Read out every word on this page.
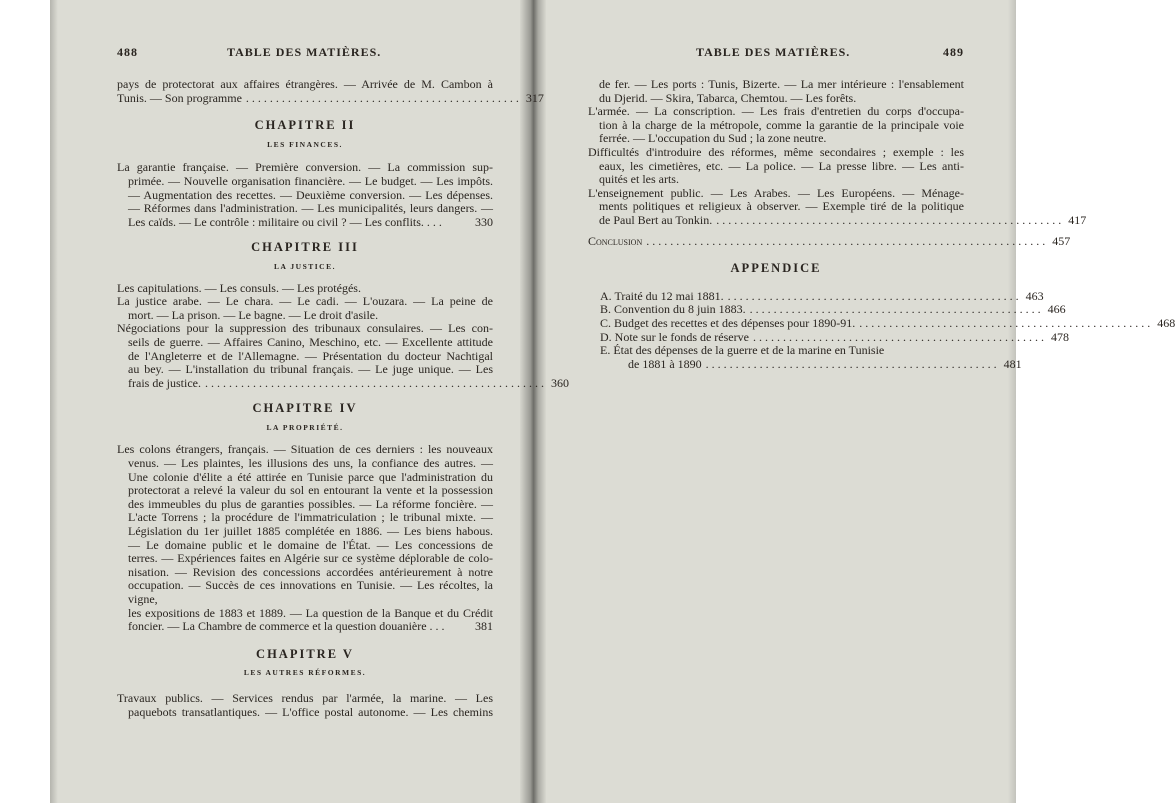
488	TABLE DES MATIÈRES.
pays de protectorat aux affaires étrangères. — Arrivée de M. Cambon à
Tunis. — Son programme .............................................. 317
CHAPITRE II
LES FINANCES.
La garantie française. — Première conversion. — La commission sup-
primée. — Nouvelle organisation financière. — Le budget. — Les impôts.
— Augmentation des recettes. — Deuxième conversion. — Les dépenses.
— Réformes dans l'administration. — Les municipalités, leurs dangers. —
Les caïds. — Le contrôle : militaire ou civil ? — Les conflits. . . .	330
CHAPITRE III
LA JUSTICE.
Les capitulations. — Les consuls. — Les protégés.
La justice arabe. — Le chara. — Le cadi. — L'ouzara. — La peine de
mort. — La prison. — Le bagne. — Le droit d'asile.
Négociations pour la suppression des tribunaux consulaires. — Les con-
seils de guerre. — Affaires Canino, Meschino, etc. — Excellente attitude
de l'Angleterre et de l'Allemagne. — Présentation du docteur Nachtigal
au bey. — L'installation du tribunal français. — Le juge unique. — Les
frais de justice. ......................................................... 360
CHAPITRE IV
LA PROPRIÉTÉ.
Les colons étrangers, français. — Situation de ces derniers : les nouveaux
venus. — Les plaintes, les illusions des uns, la confiance des autres. —
Une colonie d'élite a été attirée en Tunisie parce que l'administration du
protectorat a relevé la valeur du sol en entourant la vente et la possession
des immeubles du plus de garanties possibles. — La réforme foncière. —
L'acte Torrens ; la procédure de l'immatriculation ; le tribunal mixte. —
Législation du 1er juillet 1885 complétée en 1886. — Les biens habous.
— Le domaine public et le domaine de l'État. — Les concessions de
terres. — Expériences faites en Algérie sur ce système déplorable de colo-
nisation. — Revision des concessions accordées antérieurement à notre
occupation. — Succès de ces innovations en Tunisie. — Les récoltes, la vigne,
les expositions de 1883 et 1889. — La question de la Banque et du Crédit
foncier. — La Chambre de commerce et la question douanière . . .	381
CHAPITRE V
LES AUTRES RÉFORMES.
Travaux publics. — Services rendus par l'armée, la marine. — Les
paquebots transatlantiques. — L'office postal autonome. — Les chemins
TABLE DES MATIÈRES.	489
de fer. — Les ports : Tunis, Bizerte. — La mer intérieure : l'ensablement
du Djerid. — Skira, Tabarca, Chemtou. — Les forêts.
L'armée. — La conscription. — Les frais d'entretien du corps d'occupa-
tion à la charge de la métropole, comme la garantie de la principale voie
ferrée. — L'occupation du Sud ; la zone neutre.
Difficultés d'introduire des réformes, même secondaires ; exemple : les
eaux, les cimetières, etc. — La police. — La presse libre. — Les anti-
quités et les arts.
L'enseignement public. — Les Arabes. — Les Européens. — Ménage-
ments politiques et religieux à observer. — Exemple tiré de la politique
de Paul Bert au Tonkin. .......................................................... 417
Conclusion ................................................................... 457
APPENDICE
A. Traité du 12 mai 1881. ................................................. 463
B. Convention du 8 juin 1883. ................................................. 466
C. Budget des recettes et des dépenses pour 1890-91. ................................................. 468
D. Note sur le fonds de réserve ................................................. 478
E. État des dépenses de la guerre et de la marine en Tunisie
de 1881 à 1890 ................................................. 481
